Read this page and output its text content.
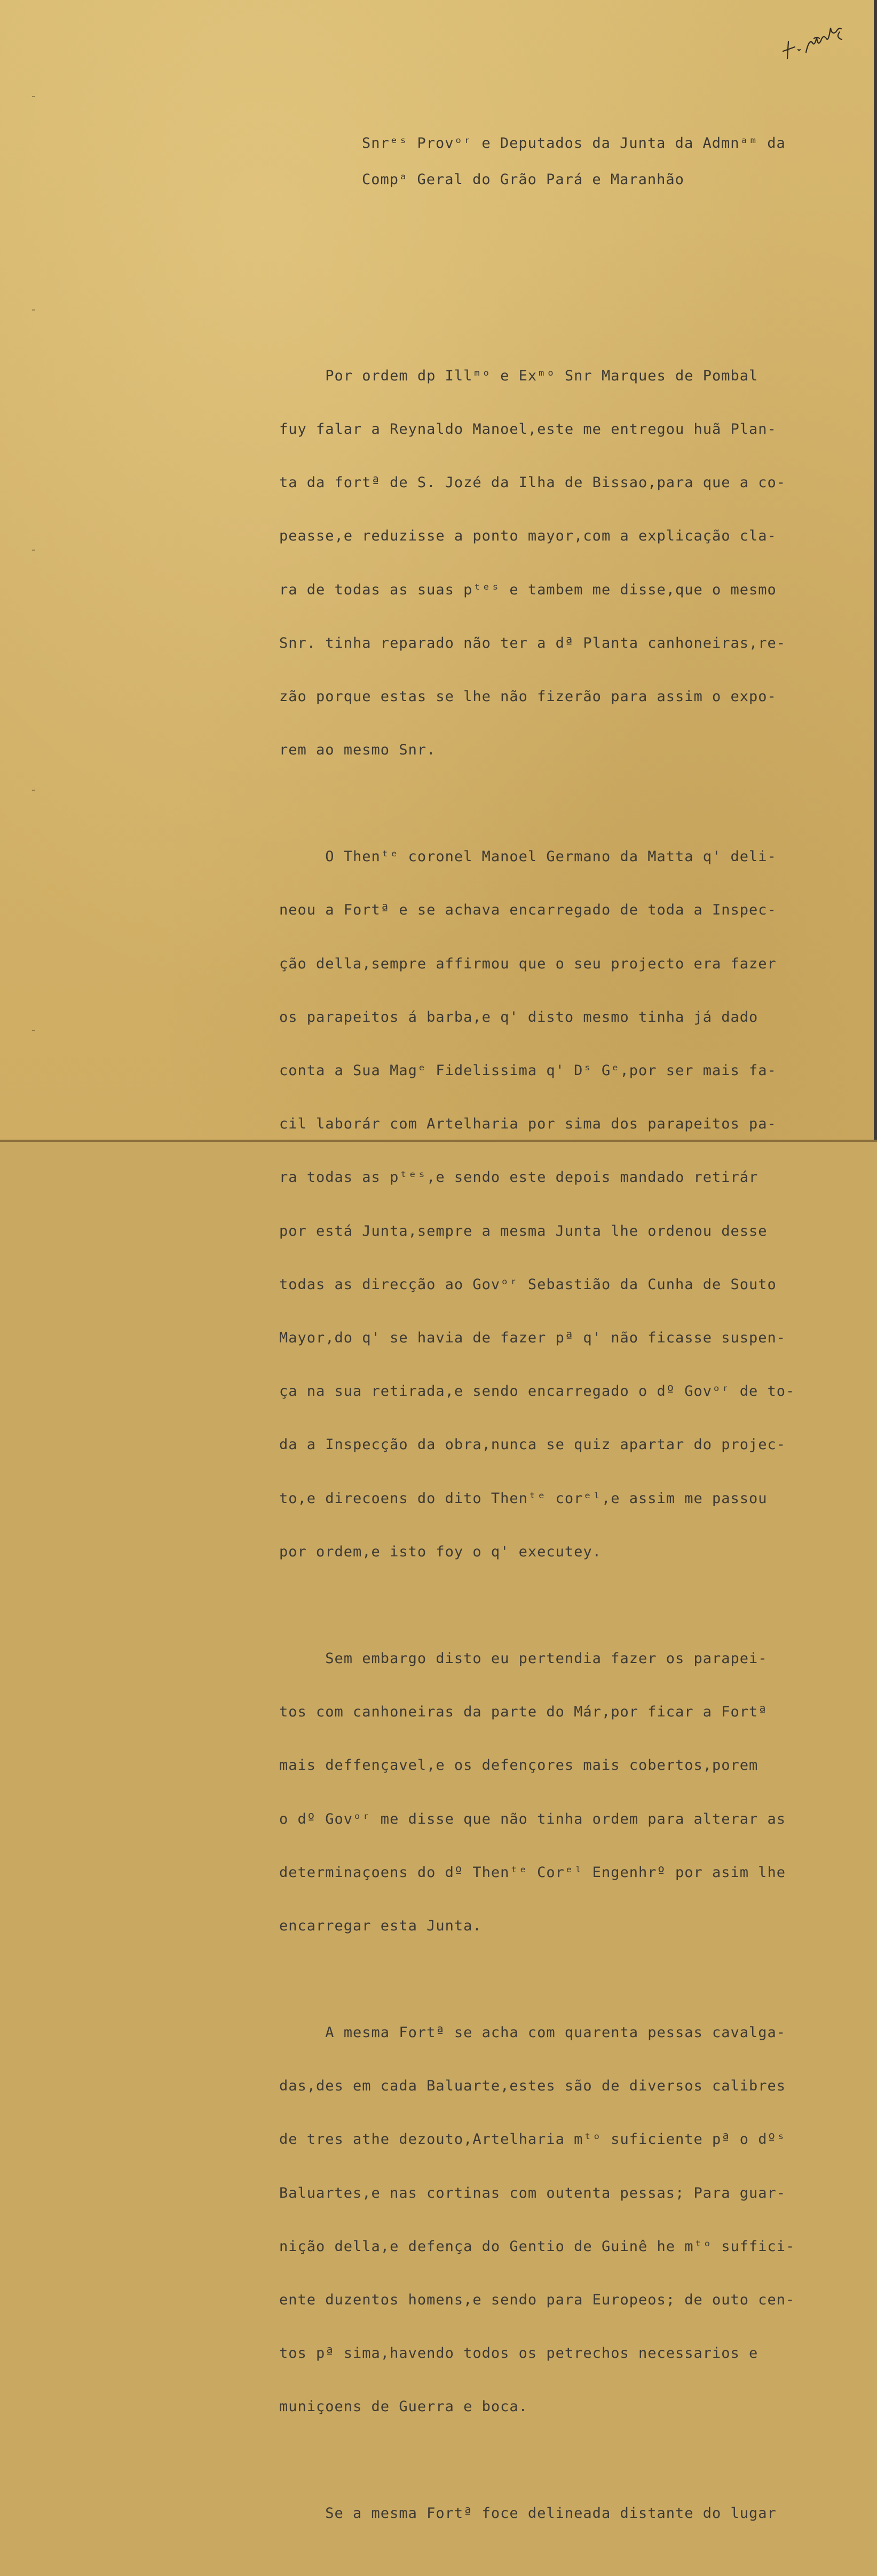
Snrᵉˢ Provᵒʳ e Deputados da Junta da Admnᵃᵐ da
Compᵃ Geral do Grão Pará e Maranhão

Por ordem dp Illᵐᵒ e Exᵐᵒ Snr Marques de Pombal

fuy falar a Reynaldo Manoel,este me entregou huã Plan-

ta da fortª de S. Jozé da Ilha de Bissao,para que a co-

peasse,e reduzisse a ponto mayor,com a explicação cla-

ra de todas as suas pᵗᵉˢ e tambem me disse,que o mesmo

Snr. tinha reparado não ter a dª Planta canhoneiras,re-

zão porque estas se lhe não fizerão para assim o expo-

rem ao mesmo Snr.

O Thenᵗᵉ coronel Manoel Germano da Matta q' deli-

neou a Fortª e se achava encarregado de toda a Inspec-

ção della,sempre affirmou que o seu projecto era fazer

os parapeitos á barba,e q' disto mesmo tinha já dado

conta a Sua Magᵉ Fidelissima q' Dˢ Gᵉ,por ser mais fa-

cil laborár com Artelharia por sima dos parapeitos pa-

ra todas as pᵗᵉˢ,e sendo este depois mandado retirár

por está Junta,sempre a mesma Junta lhe ordenou desse

todas as direcção ao Govᵒʳ Sebastião da Cunha de Souto

Mayor,do q' se havia de fazer pª q' não ficasse suspen-

ça na sua retirada,e sendo encarregado o dº Govᵒʳ de to-

da a Inspecção da obra,nunca se quiz apartar do projec-

to,e direcoens do dito Thenᵗᵉ corᵉˡ,e assim me passou

por ordem,e isto foy o q' executey.

Sem embargo disto eu pertendia fazer os parapei-

tos com canhoneiras da parte do Már,por ficar a Fortª

mais deffençavel,e os defençores mais cobertos,porem

o dº Govᵒʳ me disse que não tinha ordem para alterar as

determinaçoens do dº Thenᵗᵉ Corᵉˡ Engenhrº por asim lhe

encarregar esta Junta.

A mesma Fortª se acha com quarenta pessas cavalga-

das,des em cada Baluarte,estes são de diversos calibres

de tres athe dezouto,Artelharia mᵗᵒ suficiente pª o dºˢ

Baluartes,e nas cortinas com outenta pessas; Para guar-

nição della,e defença do Gentio de Guinê he mᵗᵒ suffici-

ente duzentos homens,e sendo para Europeos; de outo cen-

tos pª sima,havendo todos os petrechos necessarios e

muniçoens de Guerra e boca.

Se a mesma Fortª foce delineada distante do lugar
